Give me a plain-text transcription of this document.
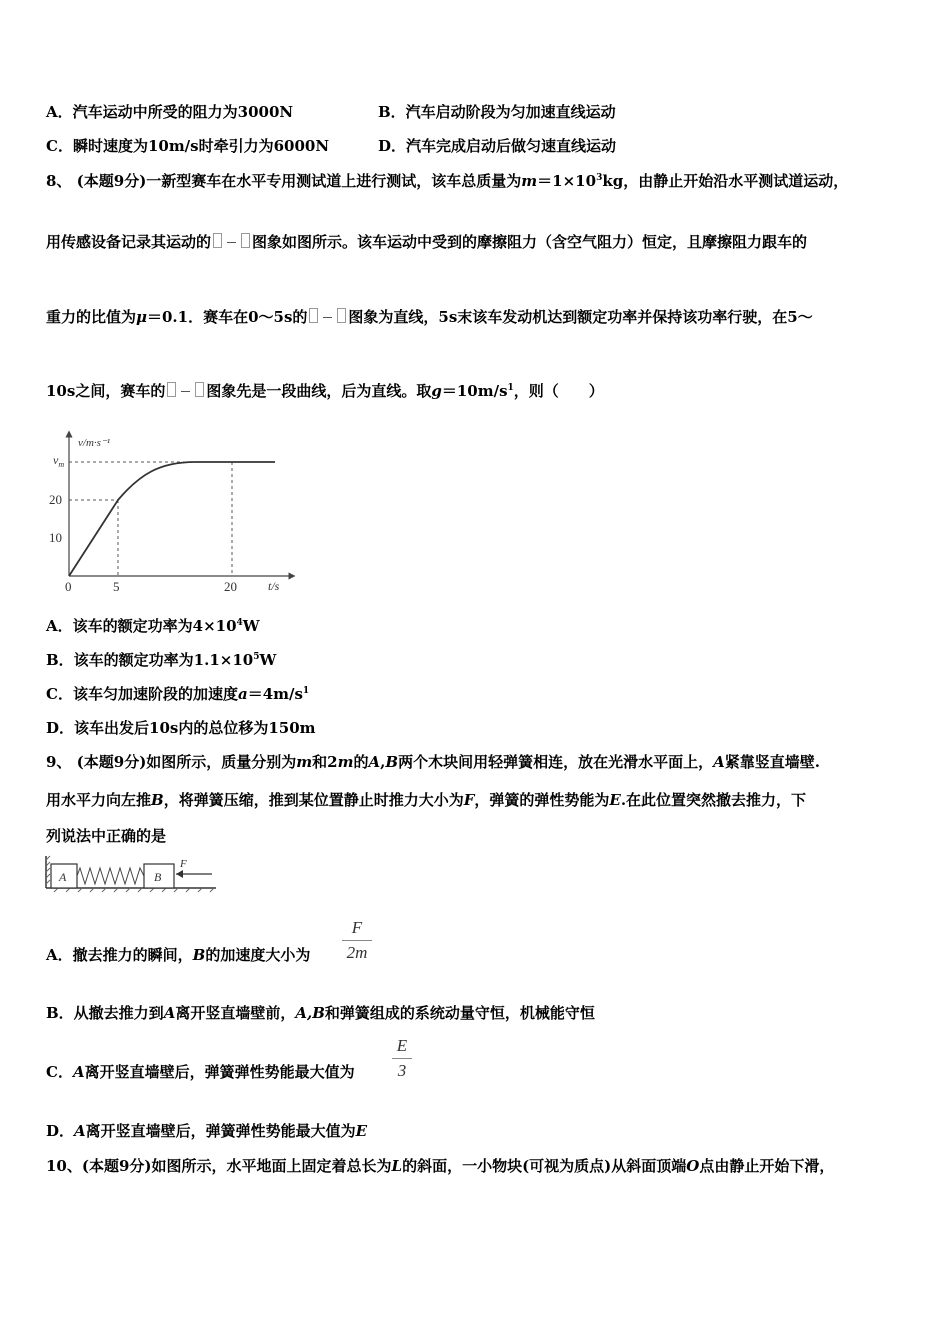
A．汽车运动中所受的阻力为3000N	B．汽车启动阶段为匀加速直线运动
C．瞬时速度为10m/s时牵引力为6000N	D．汽车完成启动后做匀速直线运动
8、 (本题9分)一新型赛车在水平专用测试道上进行测试，该车总质量为$m=1\times 10^3kg$，由静止开始沿水平测试道运动，
用传感设备记录其运动的	图象如图所示。该车运动中受到的摩擦阻力（含空气阻力）恒定，且摩擦阻力跟车的
重力的比值为μ＝0.1．赛车在0～5s的	图象为直线，5s末该车发动机达到额定功率并保持该功率行驶，在5～
10s之间，赛车的	图象先是一段曲线，后为直线。取$g=10m/s^1$，则（　　）
v/m·s⁻¹
t/s
$v_m$
20
10
0	5	20
A．该车的额定功率为$4\times 10^4W$
B．该车的额定功率为$1.1\times 10^5W$
C．该车匀加速阶段的加速度$a=4m/s^1$
D．该车出发后10s内的总位移为150m
9、 (本题9分)如图所示，质量分别为m和2m的A,B两个木块间用轻弹簧相连，放在光滑水平面上，A紧靠竖直墙壁.
用水平力向左推B，将弹簧压缩，推到某位置静止时推力大小为F，弹簧的弹性势能为E.在此位置突然撤去推力，下
列说法中正确的是
A	B
F
A．撤去推力的瞬间，B的加速度大小为
F
2m
B．从撤去推力到A离开竖直墙壁前，A,B和弹簧组成的系统动量守恒，机械能守恒
C．A离开竖直墙壁后，弹簧弹性势能最大值为
E
3
D．A离开竖直墙壁后，弹簧弹性势能最大值为E
10、(本题9分)如图所示，水平地面上固定着总长为L的斜面，一小物块(可视为质点)从斜面顶端O点由静止开始下滑，
